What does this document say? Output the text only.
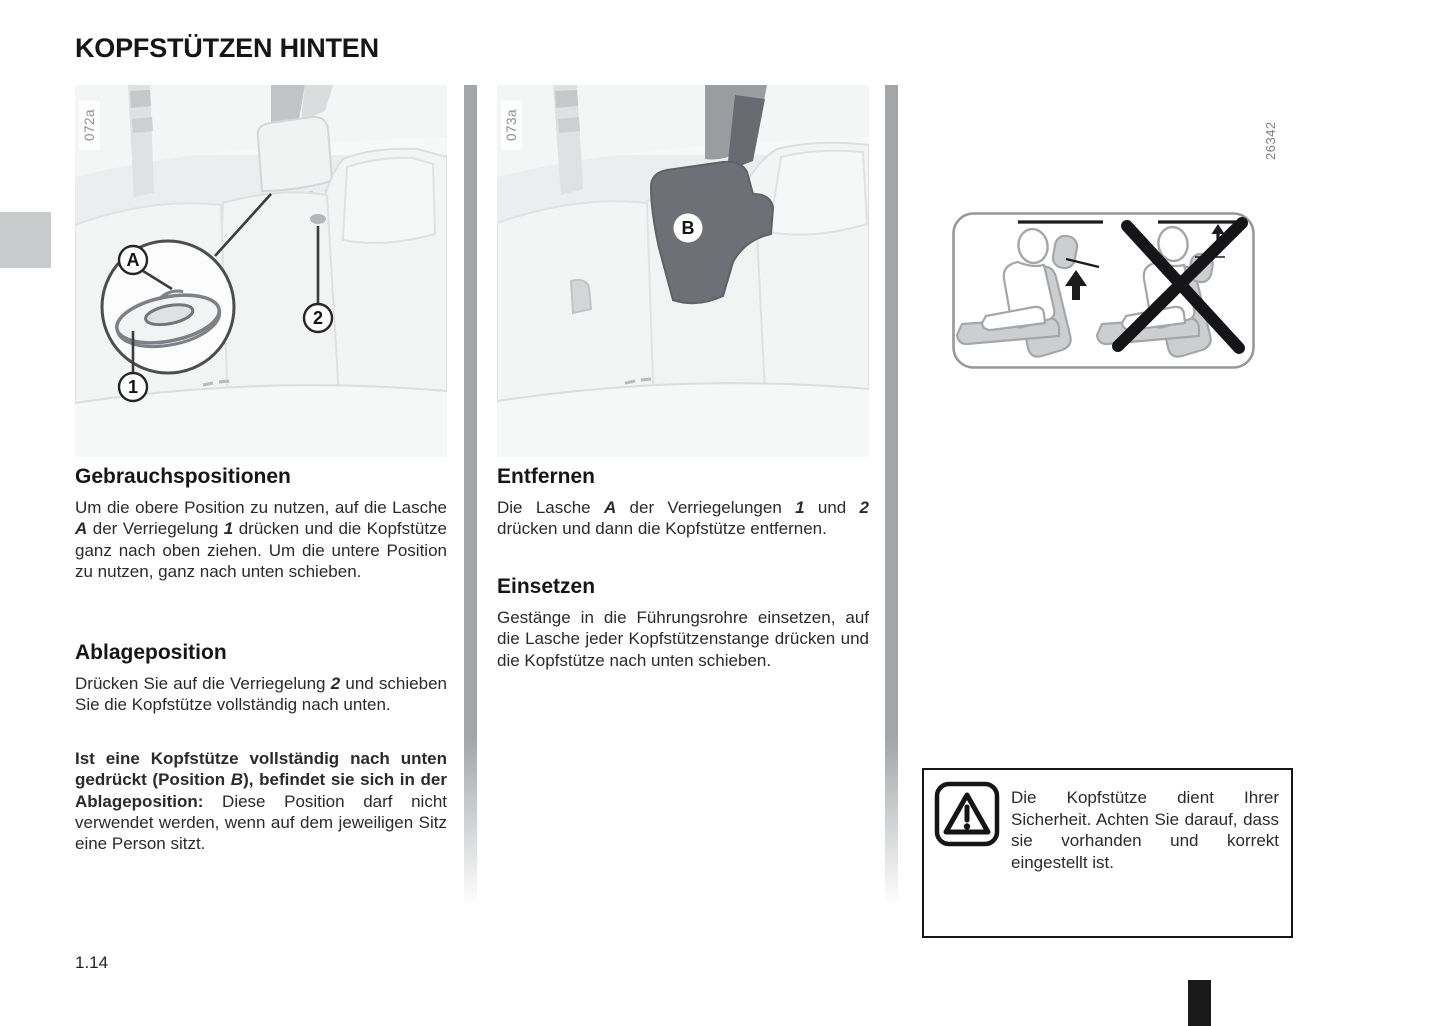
KOPFSTÜTZEN HINTEN
A
1
2
072a
B
073a	26342
Gebrauchspositionen

Um die obere Position zu nutzen, auf die Lasche A der Verriegelung 1 drücken und die Kopfstütze ganz nach oben ziehen. Um die untere Position zu nutzen, ganz nach unten schieben.

Ablageposition

Drücken Sie auf die Verriegelung 2 und schieben Sie die Kopfstütze vollständig nach unten.

Ist eine Kopfstütze vollständig nach unten gedrückt (Position B), befindet sie sich in der Ablageposition: Diese Position darf nicht verwendet werden, wenn auf dem jeweiligen Sitz eine Person sitzt.

Entfernen

Die Lasche A der Verriegelungen 1 und 2 drücken und dann die Kopfstütze entfernen.

Einsetzen

Gestänge in die Führungsrohre einsetzen, auf die Lasche jeder Kopfstützenstange drücken und die Kopfstütze nach unten schieben.

Die Kopfstütze dient Ihrer Sicherheit. Achten Sie darauf, dass sie vorhanden und korrekt eingestellt ist.
1.14
